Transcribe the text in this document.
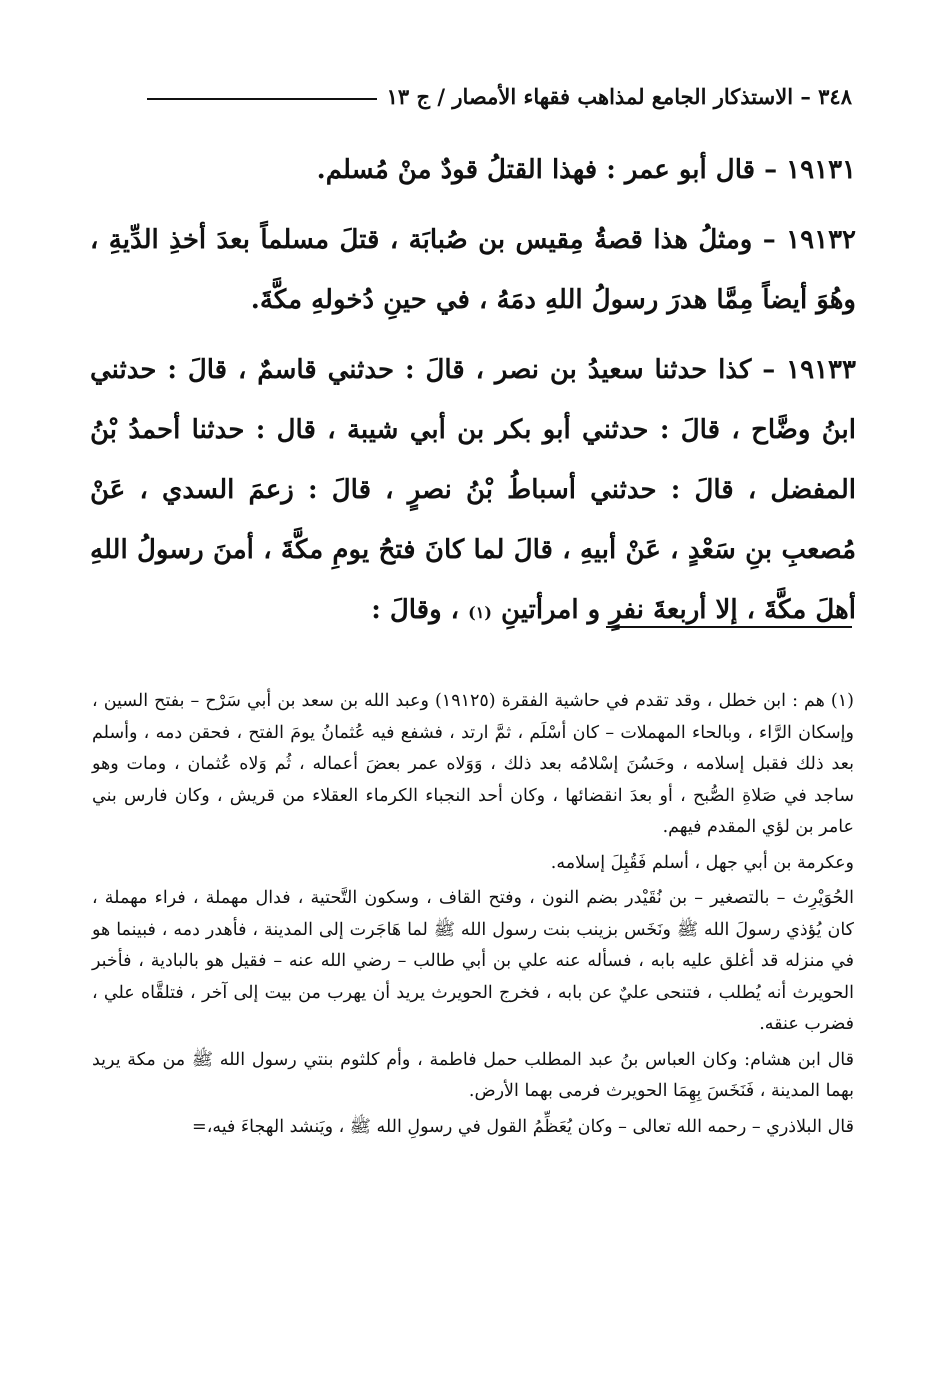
٣٤٨ – الاستذكار الجامع لمذاهب فقهاء الأمصار / ج ١٣

١٩١٣١ – قال أبو عمر : فهذا القتلُ قودٌ منْ مُسلم.

١٩١٣٢ – ومثلُ هذا قصةُ مِقيس بن صُبابَة ، قتلَ مسلماً بعدَ أخذِ الدِّيةِ ، وهُوَ أيضاً مِمَّا هدرَ رسولُ اللهِ دمَهُ ، في حينِ دُخولهِ مكَّةَ.

١٩١٣٣ – كذا حدثنا سعيدُ بن نصر ، قالَ : حدثني قاسمٌ ، قالَ : حدثني ابنُ وضَّاح ، قالَ : حدثني أبو بكر بن أبي شيبة ، قال : حدثنا أحمدُ بْنُ المفضل ، قالَ : حدثني أسباطُ بْنُ نصرٍ ، قالَ : زعمَ السدي ، عَنْ مُصعبِ بنِ سَعْدٍ ، عَنْ أبيهِ ، قالَ لما كانَ فتحُ يومِ مكَّةَ ، أمنَ رسولُ اللهِ أهلَ مكَّةَ ، إلا أربعةَ نفرٍ و امرأتينِ (١) ، وقالَ :

(١) هم : ابن خطل ، وقد تقدم في حاشية الفقرة (١٩١٢٥) وعبد الله بن سعد بن أبي سَرْح – بفتح السين ، وإسكان الرَّاء ، وبالحاء المهملات – كان أسْلَم ، ثمَّ ارتد ، فشفع فيه عُثمانُ يومَ الفتح ، فحقن دمه ، وأسلم بعد ذلك فقبل إسلامه ، وحَسُنَ إسْلامُه بعد ذلك ، وَوَلاه عمر بعضَ أعماله ، ثُم وَلاه عُثمان ، ومات وهو ساجد في صَلاةِ الصُّبح ، أو بعدَ انقضائها ، وكان أحد النجباء الكرماء العقلاء من قريش ، وكان فارس بني عامر بن لؤي المقدم فيهم.

وعكرمة بن أبي جهل ، أسلم فَقُبِلَ إسلامه.

الحُوَيْرِث – بالتصغير – بن نُقَيْدر بضم النون ، وفتح القاف ، وسكون التَّحتية ، فدال مهملة ، فراء مهملة ، كان يُؤذي رسولَ الله ﷺ ونَخَس بزينب بنت رسول الله ﷺ لما هَاجَرت إلى المدينة ، فأهدر دمه ، فبينما هو في منزله قد أغلق عليه بابه ، فسأله عنه علي بن أبي طالب – رضي الله عنه – فقيل هو بالبادية ، فأخبر الحويرث أنه يُطلب ، فتنحى عليٌ عن بابه ، فخرج الحويرث يريد أن يهرب من بيت إلى آخر ، فتلقَّاه علي ، فضرب عنقه.

قال ابن هشام: وكان العباس بنُ عبد المطلب حمل فاطمة ، وأم كلثوم بنتي رسول الله ﷺ من مكة يريد بهما المدينة ، فَنَخَسَ بِهِمَا الحويرث فرمى بهما الأرض.

قال البلاذري – رحمه الله تعالى – وكان يُعَظِّمُ القول في رسولِ الله ﷺ ، ويَنشد الهجاءَ فيه،=
